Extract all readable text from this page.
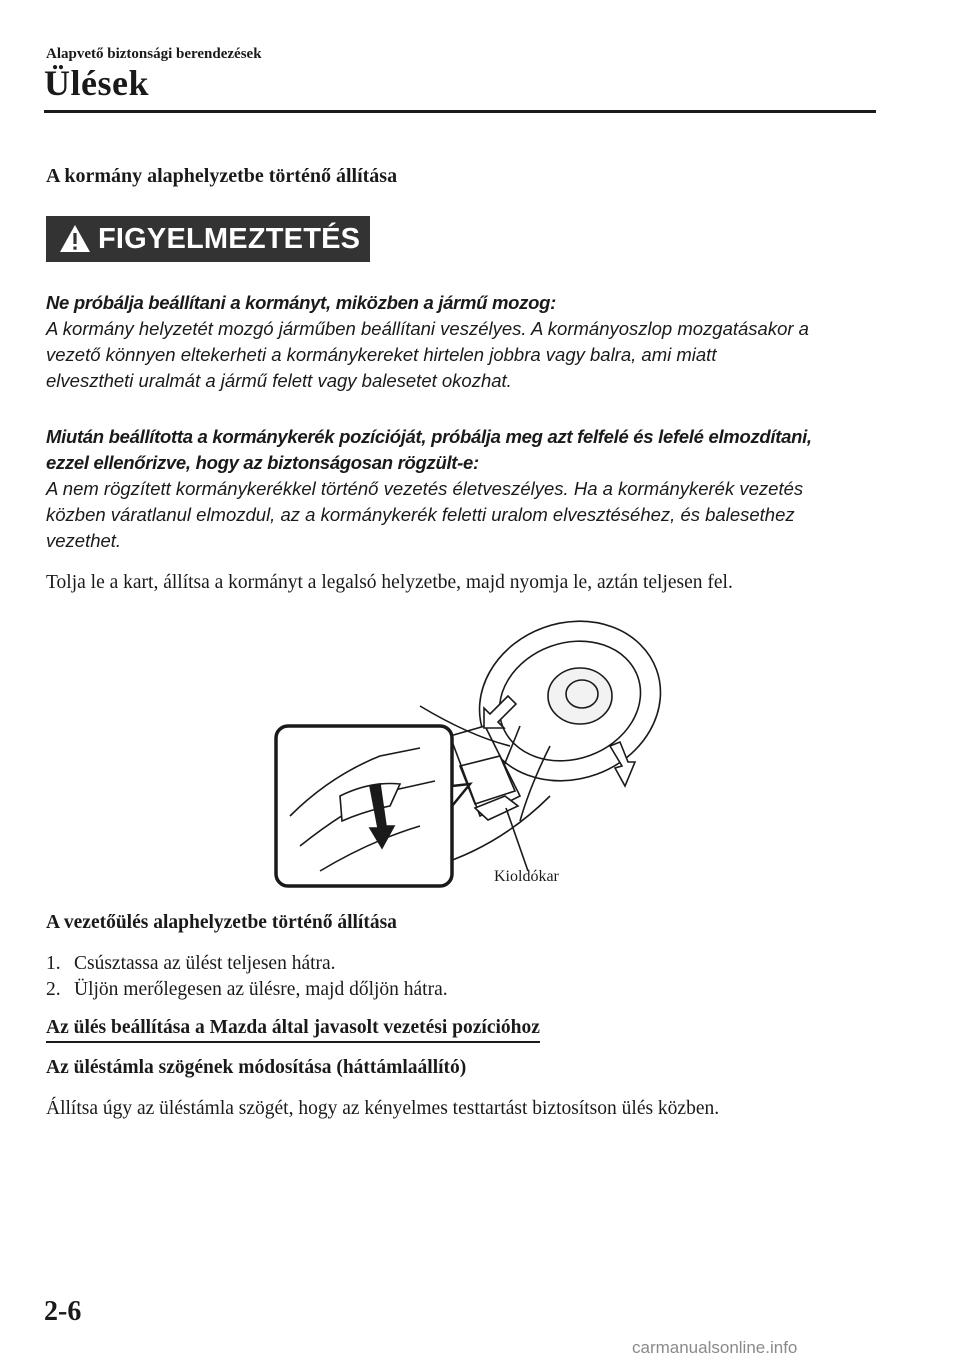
Alapvető biztonsági berendezések
Ülések
A kormány alaphelyzetbe történő állítása
FIGYELMEZTETÉS
Ne próbálja beállítani a kormányt, miközben a jármű mozog:
A kormány helyzetét mozgó járműben beállítani veszélyes. A kormányoszlop mozgatásakor a
vezető könnyen eltekerheti a kormánykereket hirtelen jobbra vagy balra, ami miatt
elvesztheti uralmát a jármű felett vagy balesetet okozhat.
Miután beállította a kormánykerék pozícióját, próbálja meg azt felfelé és lefelé elmozdítani,
ezzel ellenőrizve, hogy az biztonságosan rögzült-e:
A nem rögzített kormánykerékkel történő vezetés életveszélyes. Ha a kormánykerék vezetés
közben váratlanul elmozdul, az a kormánykerék feletti uralom elvesztéséhez, és balesethez
vezethet.
Tolja le a kart, állítsa a kormányt a legalsó helyzetbe, majd nyomja le, aztán teljesen fel.
Kioldókar
A vezetőülés alaphelyzetbe történő állítása
1. Csúsztassa az ülést teljesen hátra.
2. Üljön merőlegesen az ülésre, majd dőljön hátra.
Az ülés beállítása a Mazda által javasolt vezetési pozícióhoz
Az üléstámla szögének módosítása (háttámlaállító)
Állítsa úgy az üléstámla szögét, hogy az kényelmes testtartást biztosítson ülés közben.
2-6
carmanualsonline.info
